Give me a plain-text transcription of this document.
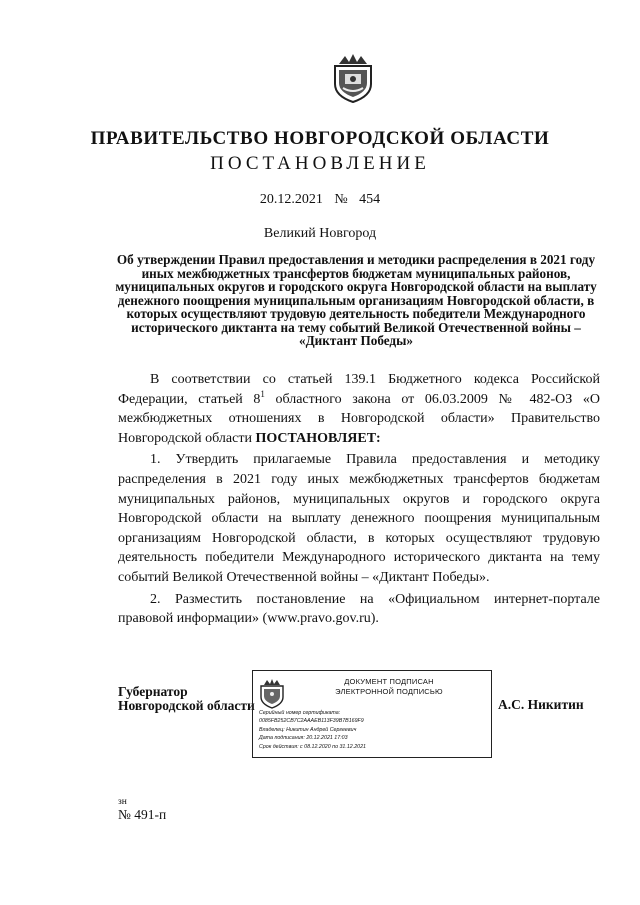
ПРАВИТЕЛЬСТВО НОВГОРОДСКОЙ ОБЛАСТИ
ПОСТАНОВЛЕНИЕ
20.12.2021 № 454
Великий Новгород
Об утверждении Правил предоставления и методики распределения в 2021 году иных межбюджетных трансфертов бюджетам муниципальных районов, муниципальных округов и городского округа Новгородской области на выплату денежного поощрения муниципальным организациям Новгородской области, в которых осуществляют трудовую деятельность победители Международного исторического диктанта на тему событий Великой Отечественной войны – «Диктант Победы»

В соответствии со статьей 139.1 Бюджетного кодекса Российской Федерации, статьей $8^1$ областного закона от 06.03.2009 № 482-ОЗ «О межбюджетных отношениях в Новгородской области» Правительство Новгородской области ПОСТАНОВЛЯЕТ:

1. Утвердить прилагаемые Правила предоставления и методику распределения в 2021 году иных межбюджетных трансфертов бюджетам муниципальных районов, муниципальных округов и городского округа Новгородской области на выплату денежного поощрения муниципальным организациям Новгородской области, в которых осуществляют трудовую деятельность победители Международного исторического диктанта на тему событий Великой Отечественной войны – «Диктант Победы».

2. Разместить постановление на «Официальном интернет-портале правовой информации» (www.pravo.gov.ru).

Губернатор
Новгородской области
ДОКУМЕНТ ПОДПИСАН
ЭЛЕКТРОННОЙ ПОДПИСЬЮ
Серийный номер сертификата:
0085FB252CB7C2AAAEB113F39B7B169F9
Владелец: Никитин Андрей Сергеевич
Дата подписания: 20.12.2021 17:03
Срок действия: с 08.12.2020 по 31.12.2021
А.С. Никитин
зн
№ 491-п
